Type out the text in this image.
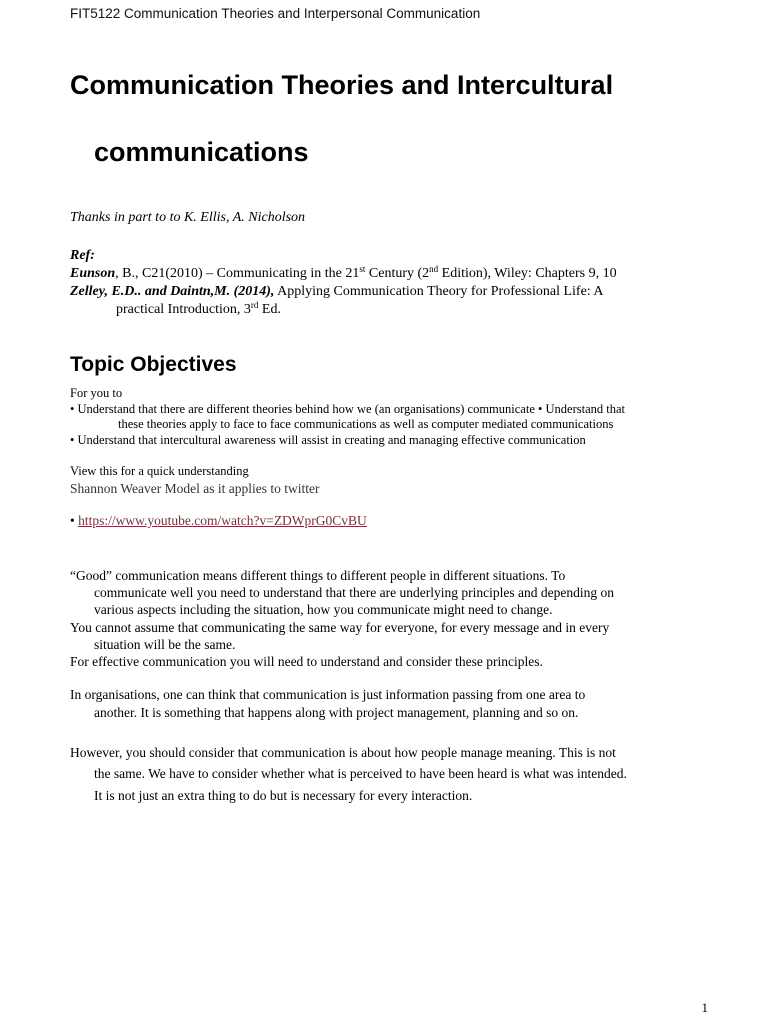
FIT5122 Communication Theories and Interpersonal Communication
Communication Theories and Intercultural
communications
Thanks in part to to K. Ellis, A. Nicholson
Ref:
Eunson, B., C21(2010) – Communicating in the 21st Century (2nd Edition), Wiley: Chapters 9, 10
Zelley, E.D.. and Daintn,M. (2014), Applying Communication Theory for Professional Life: A
practical Introduction, 3rd Ed.
Topic Objectives
For you to
• Understand that there are different theories behind how we (an organisations) communicate • Understand that
these theories apply to face to face communications as well as computer mediated communications
• Understand that intercultural awareness will assist in creating and managing effective communication
View this for a quick understanding
Shannon Weaver Model as it applies to twitter
• https://www.youtube.com/watch?v=ZDWprG0CvBU
“Good” communication means different things to different people in different situations. To
communicate well you need to understand that there are underlying principles and depending on
various aspects including the situation, how you communicate might need to change.
You cannot assume that communicating the same way for everyone, for every message and in every
situation will be the same.
For effective communication you will need to understand and consider these principles.
In organisations, one can think that communication is just information passing from one area to
another. It is something that happens along with project management, planning and so on.
However, you should consider that communication is about how people manage meaning. This is not
the same. We have to consider whether what is perceived to have been heard is what was intended.
It is not just an extra thing to do but is necessary for every interaction.
1
